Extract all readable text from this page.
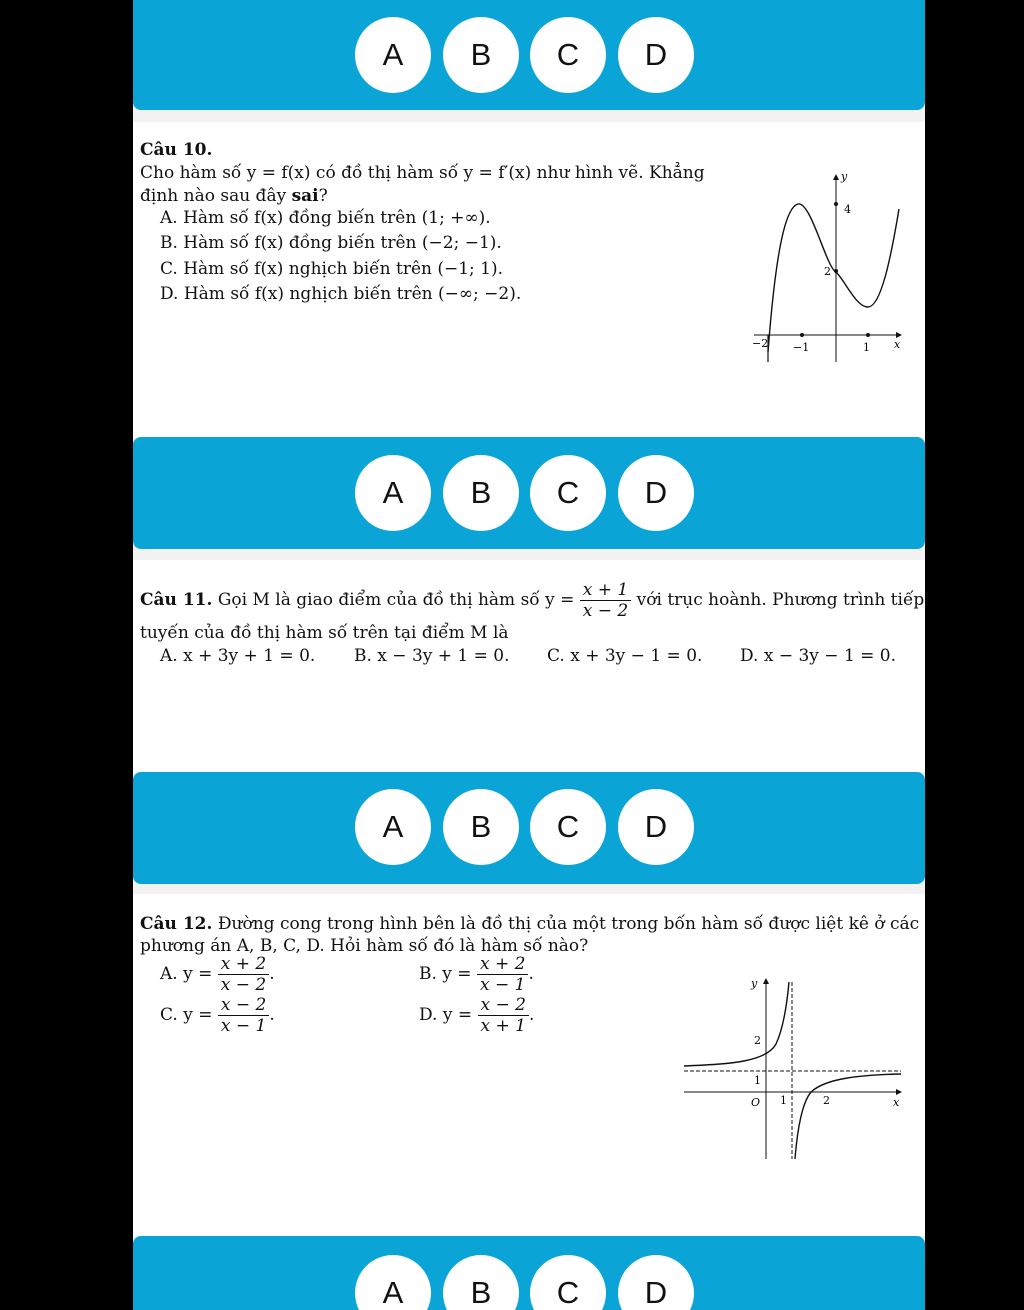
A	B	C	D
Câu 10.
Cho hàm số y = f(x) có đồ thị hàm số y = f′(x) như hình vẽ. Khẳng
định nào sau đây sai?
A. Hàm số f(x) đồng biến trên (1; +∞).
B. Hàm số f(x) đồng biến trên (−2; −1).
C. Hàm số f(x) nghịch biến trên (−1; 1).
D. Hàm số f(x) nghịch biến trên (−∞; −2).
y
x
4
2
−2 −1	1
A	B	C	D
Câu 11. Gọi M là giao điểm của đồ thị hàm số $y = \frac{x + 1}{x - 2}$ với trục hoành. Phương trình tiếp
tuyến của đồ thị hàm số trên tại điểm M là
A. x + 3y + 1 = 0. B. x − 3y + 1 = 0. C. x + 3y − 1 = 0. D. x − 3y − 1 = 0.
A	B	C	D
Câu 12. Đường cong trong hình bên là đồ thị của một trong bốn hàm số được liệt kê ở các
phương án A, B, C, D. Hỏi hàm số đó là hàm số nào?
A. $y = \frac{x + 2}{x - 2}$ .	B. $y = \frac{x + 2}{x - 1}$ .
C. $y = \frac{x - 2}{x - 1}$ .	D. $y = \frac{x - 2}{x + 1}$ .
y
x
O
2
1
1	2
A	B	C	D
